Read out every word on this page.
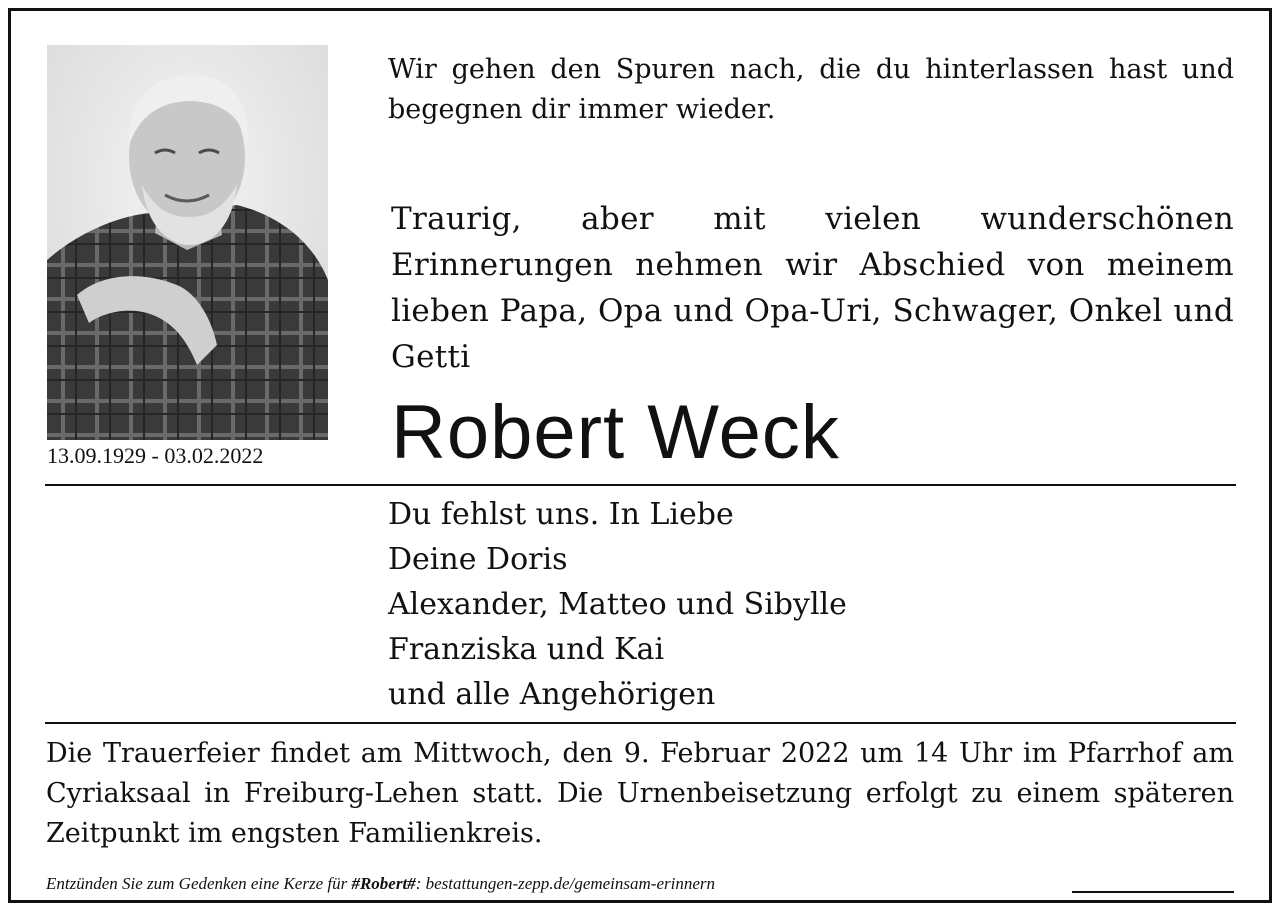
13.09.1929 - 03.02.2022
Wir gehen den Spuren nach, die du hinterlassen hast und begegnen dir immer wieder.
Traurig, aber mit vielen wunderschönen Erinnerungen nehmen wir Abschied von meinem lieben Papa, Opa und Opa-Uri, Schwager, Onkel und Getti
Robert Weck
Du fehlst uns. In Liebe
Deine Doris
Alexander, Matteo und Sibylle
Franziska und Kai
und alle Angehörigen
Die Trauerfeier findet am Mittwoch, den 9. Februar 2022 um 14 Uhr im Pfarrhof am Cyriaksaal in Freiburg-Lehen statt. Die Urnenbeisetzung erfolgt zu einem späteren Zeitpunkt im engsten Familienkreis.
Entzünden Sie zum Gedenken eine Kerze für #Robert#: bestattungen-zepp.de/gemeinsam-erinnern
